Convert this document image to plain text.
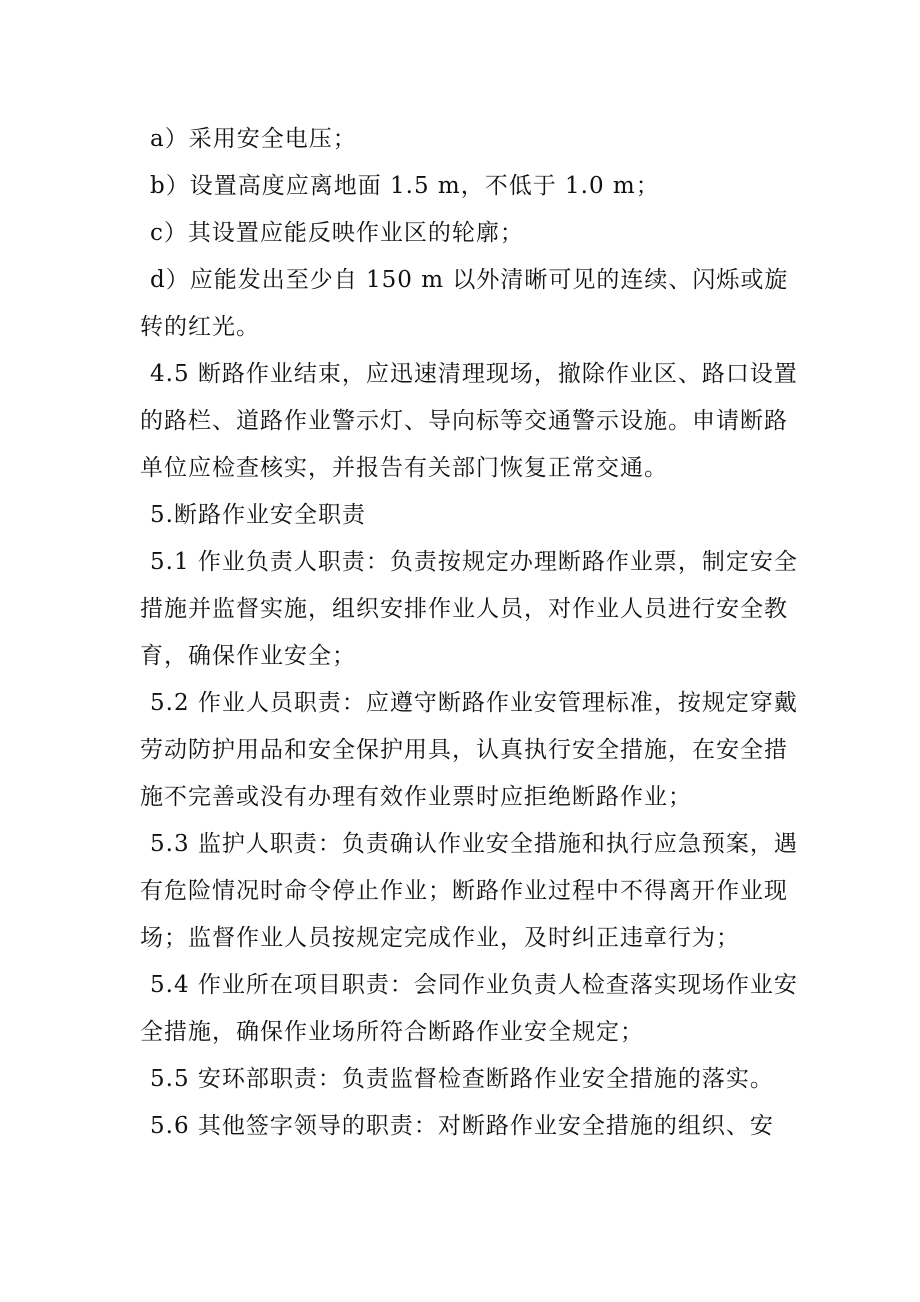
a）采用安全电压；

b）设置高度应离地面 1.5 m，不低于 1.0 m；

c）其设置应能反映作业区的轮廓；

d）应能发出至少自 150 m 以外清晰可见的连续、闪烁或旋转的红光。

4.5 断路作业结束，应迅速清理现场，撤除作业区、路口设置的路栏、道路作业警示灯、导向标等交通警示设施。申请断路单位应检查核实，并报告有关部门恢复正常交通。

5.断路作业安全职责

5.1 作业负责人职责：负责按规定办理断路作业票，制定安全措施并监督实施，组织安排作业人员，对作业人员进行安全教育，确保作业安全；

5.2 作业人员职责：应遵守断路作业安管理标准，按规定穿戴劳动防护用品和安全保护用具，认真执行安全措施，在安全措施不完善或没有办理有效作业票时应拒绝断路作业；

5.3 监护人职责：负责确认作业安全措施和执行应急预案，遇有危险情况时命令停止作业；断路作业过程中不得离开作业现场；监督作业人员按规定完成作业，及时纠正违章行为；

5.4 作业所在项目职责：会同作业负责人检查落实现场作业安全措施，确保作业场所符合断路作业安全规定；

5.5 安环部职责：负责监督检查断路作业安全措施的落实。

5.6 其他签字领导的职责：对断路作业安全措施的组织、安
